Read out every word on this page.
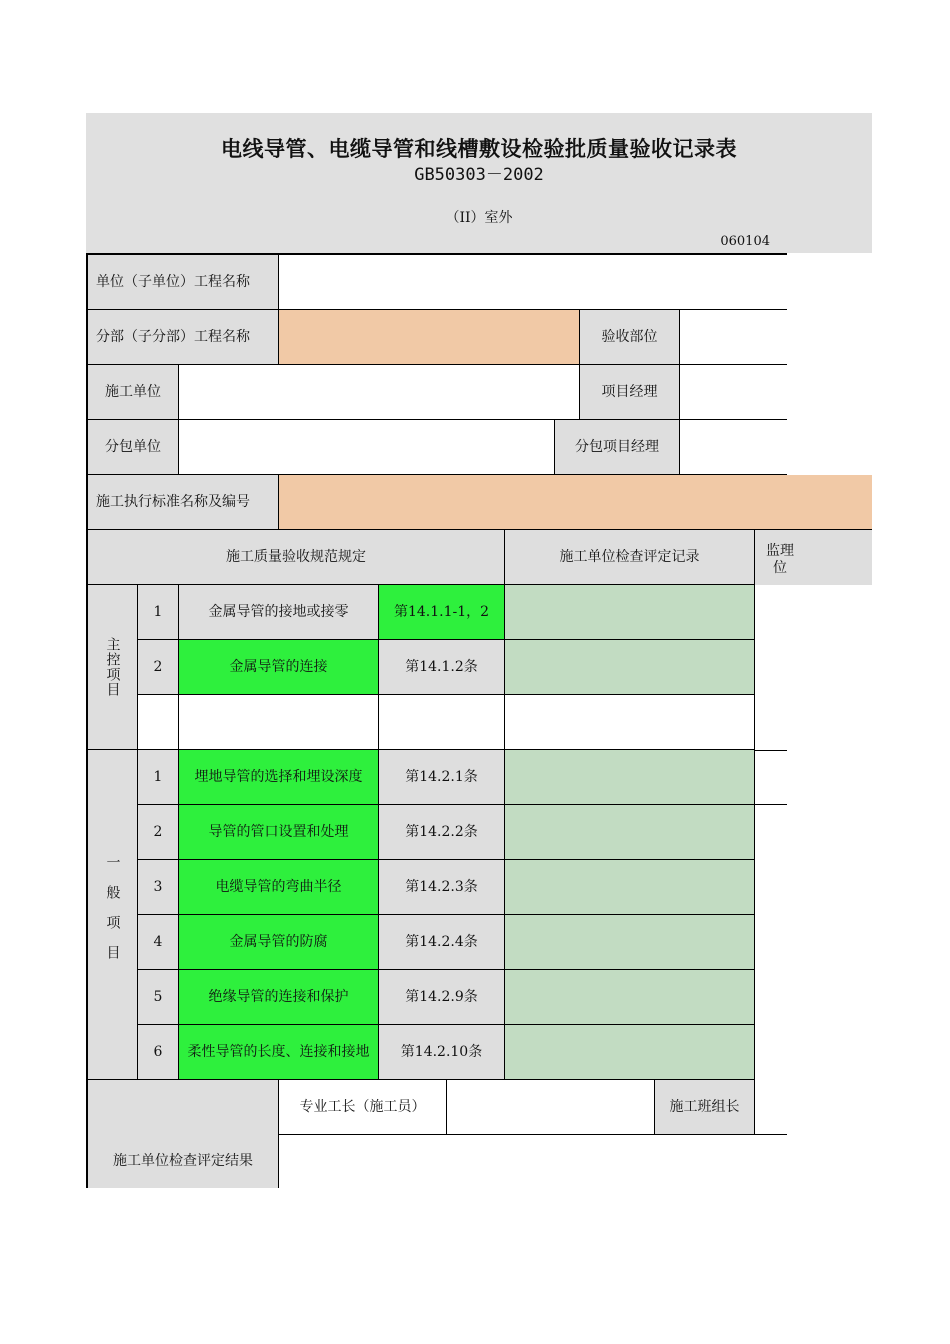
电线导管、电缆导管和线槽敷设检验批质量验收记录表
GB50303－2002
（II）室外
060104
单位（子单位）工程名称
分部（子分部）工程名称	验收部位
施工单位	项目经理
分包单位	分包项目经理
施工执行标准名称及编号
施工质量验收规范规定	施工单位检查评定记录	监理
位
主控项目
1	金属导管的接地或接零	第14.1.1-1，2
2	金属导管的连接	第14.1.2条
一般项目
1	埋地导管的选择和埋设深度	第14.2.1条
2	导管的管口设置和处理	第14.2.2条
3	电缆导管的弯曲半径	第14.2.3条
4	金属导管的防腐	第14.2.4条
5	绝缘导管的连接和保护	第14.2.9条
6	柔性导管的长度、连接和接地	第14.2.10条
专业工长（施工员）	施工班组长
施工单位检查评定结果
